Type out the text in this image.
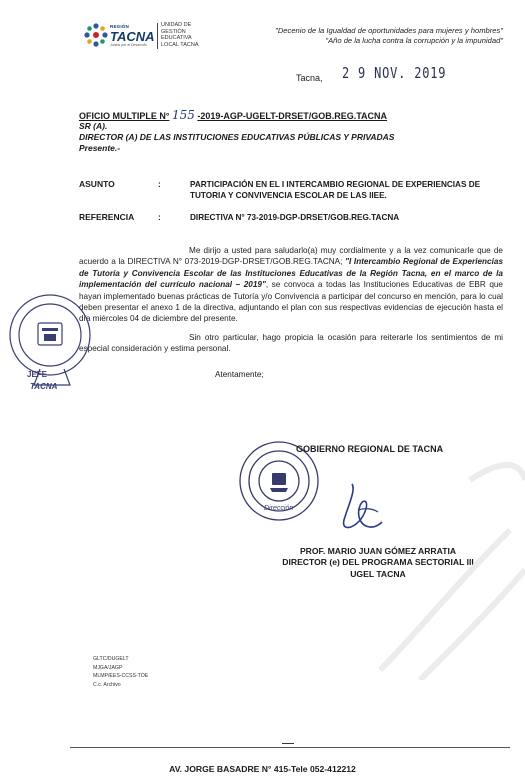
REGIÓN
TACNA
Juntos por el Desarrollo
UNIDAD DE
GESTIÓN
EDUCATIVA
LOCAL TACNA
"Decenio de la Igualdad de oportunidades para mujeres y hombres"
"Año de la lucha contra la corrupción y la impunidad"
Tacna, 2 9 NOV. 2019
OFICIO MULTIPLE N° 155 -2019-AGP-UGELT-DRSET/GOB.REG.TACNA
SR (A).
DIRECTOR (A) DE LAS INSTITUCIONES EDUCATIVAS PÚBLICAS Y PRIVADAS
Presente.-
ASUNTO	:	PARTICIPACIÓN EN EL I INTERCAMBIO REGIONAL DE EXPERIENCIAS DE TUTORIA Y CONVIVENCIA ESCOLAR DE LAS IIEE.
REFERENCIA	:	DIRECTIVA N° 73-2019-DGP-DRSET/GOB.REG.TACNA
Me dirijo a usted para saludarlo(a) muy cordialmente y a la vez comunicarle que de acuerdo a la DIRECTIVA N° 073-2019-DGP-DRSET/GOB.REG.TACNA; "I Intercambio Regional de Experiencias de Tutoría y Convivencia Escolar de las Instituciones Educativas de la Región Tacna, en el marco de la implementación del currículo nacional – 2019", se convoca a todas las Instituciones Educativas de EBR que hayan implementado buenas prácticas de Tutoría y/o Convivencia a participar del concurso en mención, para lo cual deben presentar el anexo 1 de la directiva, adjuntando el plan con sus respectivas evidencias de ejecución hasta el día miércoles 04 de diciembre del presente.
Sin otro particular, hago propicia la ocasión para reiterarle los sentimientos de mi especial consideración y estima personal.
Atentamente;
JEFE
TACNA
Dirección
GOBIERNO REGIONAL DE TACNA
PROF. MARIO JUAN GÓMEZ ARRATIA
DIRECTOR (e) DEL PROGRAMA SECTORIAL III
UGEL TACNA
GLTC/DUGELT
MJGA/JAGP
MLMP/EES-CCSS-TOE
C.c. Archivo
AV. JORGE BASADRE N° 415-Tele 052-412212
